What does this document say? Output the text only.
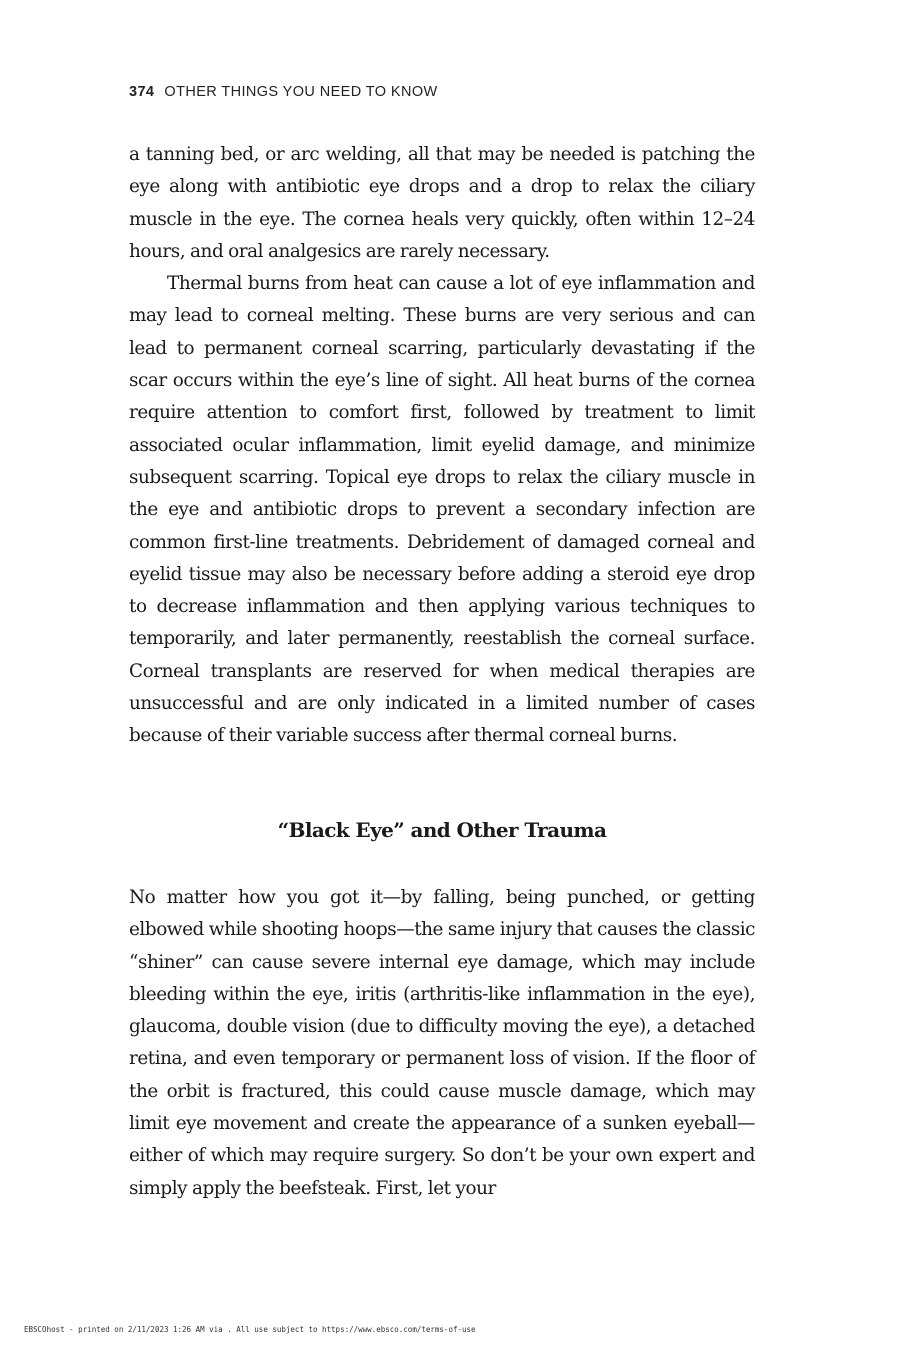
374 OTHER THINGS YOU NEED TO KNOW

a tanning bed, or arc welding, all that may be needed is patching the eye along with antibiotic eye drops and a drop to relax the ciliary muscle in the eye. The cornea heals very quickly, often within 12–24 hours, and oral analgesics are rarely necessary.

Thermal burns from heat can cause a lot of eye inflammation and may lead to corneal melting. These burns are very serious and can lead to permanent corneal scarring, particularly devastating if the scar occurs within the eye’s line of sight. All heat burns of the cornea require attention to comfort first, followed by treatment to limit associated ocular inflammation, limit eyelid damage, and minimize subsequent scarring. Topical eye drops to relax the ciliary muscle in the eye and antibiotic drops to prevent a secondary infection are common first-line treatments. Debridement of damaged corneal and eyelid tissue may also be necessary before adding a steroid eye drop to decrease inflammation and then applying various techniques to temporarily, and later permanently, reestablish the corneal surface. Corneal transplants are reserved for when medical therapies are unsuccessful and are only indicated in a limited number of cases because of their variable success after thermal corneal burns.

“Black Eye” and Other Trauma

No matter how you got it—by falling, being punched, or getting elbowed while shooting hoops—the same injury that causes the classic “shiner” can cause severe internal eye damage, which may include bleeding within the eye, iritis (arthritis-like inflammation in the eye), glaucoma, double vision (due to difficulty moving the eye), a detached retina, and even temporary or permanent loss of vision. If the floor of the orbit is fractured, this could cause muscle damage, which may limit eye movement and create the appearance of a sunken eyeball—either of which may require surgery. So don’t be your own expert and simply apply the beefsteak. First, let your

EBSCOhost - printed on 2/11/2023 1:26 AM via . All use subject to https://www.ebsco.com/terms-of-use
